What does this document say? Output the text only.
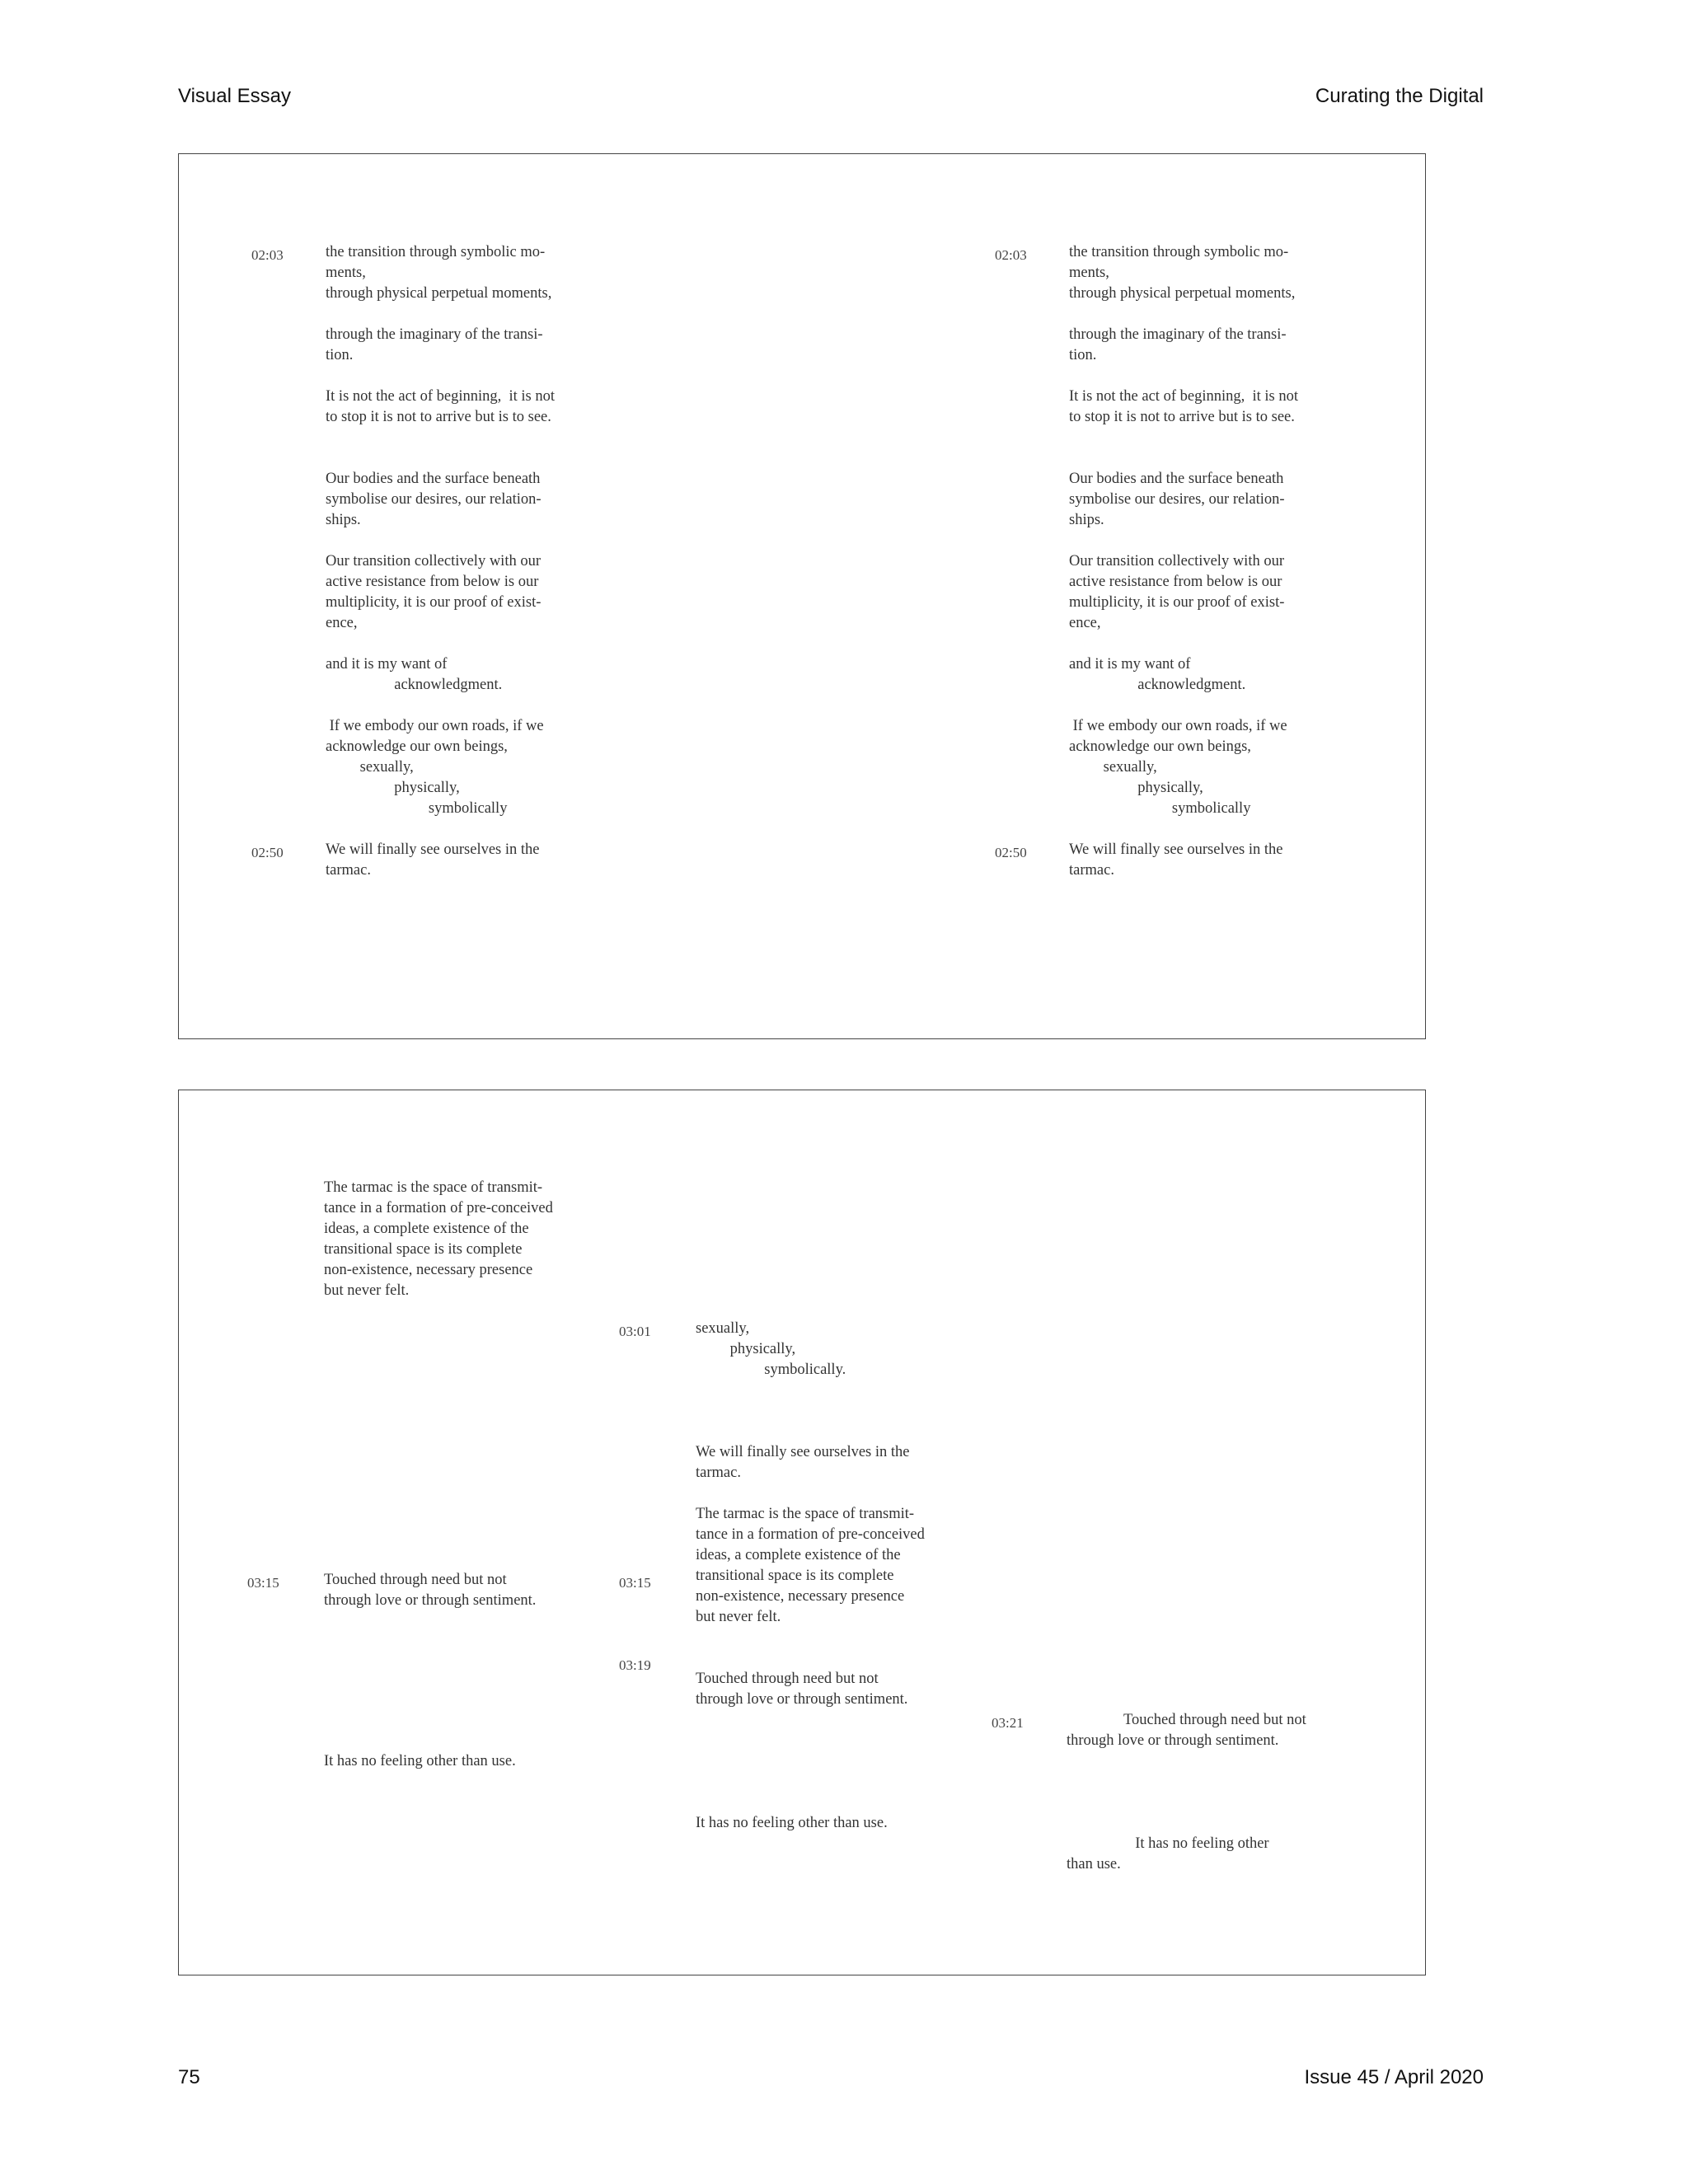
Visual Essay	Curating the Digital
02:03	the transition through symbolic mo-
ments,
through physical perpetual moments,
through the imaginary of the transi-
tion.
It is not the act of beginning,  it is not
to stop it is not to arrive but is to see.
Our bodies and the surface beneath
symbolise our desires, our relation-
ships.
Our transition collectively with our
active resistance from below is our
multiplicity, it is our proof of exist-
ence,
and it is my want of
acknowledgment.
If we embody our own roads, if we
acknowledge our own beings,
sexually,
physically,
symbolically
02:50	We will finally see ourselves in the
tarmac.
02:03	the transition through symbolic mo-
ments,
through physical perpetual moments,
through the imaginary of the transi-
tion.
It is not the act of beginning,  it is not
to stop it is not to arrive but is to see.
Our bodies and the surface beneath
symbolise our desires, our relation-
ships.
Our transition collectively with our
active resistance from below is our
multiplicity, it is our proof of exist-
ence,
and it is my want of
acknowledgment.
If we embody our own roads, if we
acknowledge our own beings,
sexually,
physically,
symbolically
02:50	We will finally see ourselves in the
tarmac.
The tarmac is the space of transmit-
tance in a formation of pre-conceived
ideas, a complete existence of the
transitional space is its complete
non-existence, necessary presence
but never felt.
03:15	Touched through need but not
through love or through sentiment.
It has no feeling other than use.
03:01	sexually,
physically,
symbolically.
We will finally see ourselves in the
tarmac.
03:15
The tarmac is the space of transmit-
tance in a formation of pre-conceived
ideas, a complete existence of the
transitional space is its complete
non-existence, necessary presence
but never felt.
03:19
Touched through need but not
through love or through sentiment.
It has no feeling other than use.
03:21	Touched through need but not
through love or through sentiment.
It has no feeling other
than use.
75	Issue 45 / April 2020
